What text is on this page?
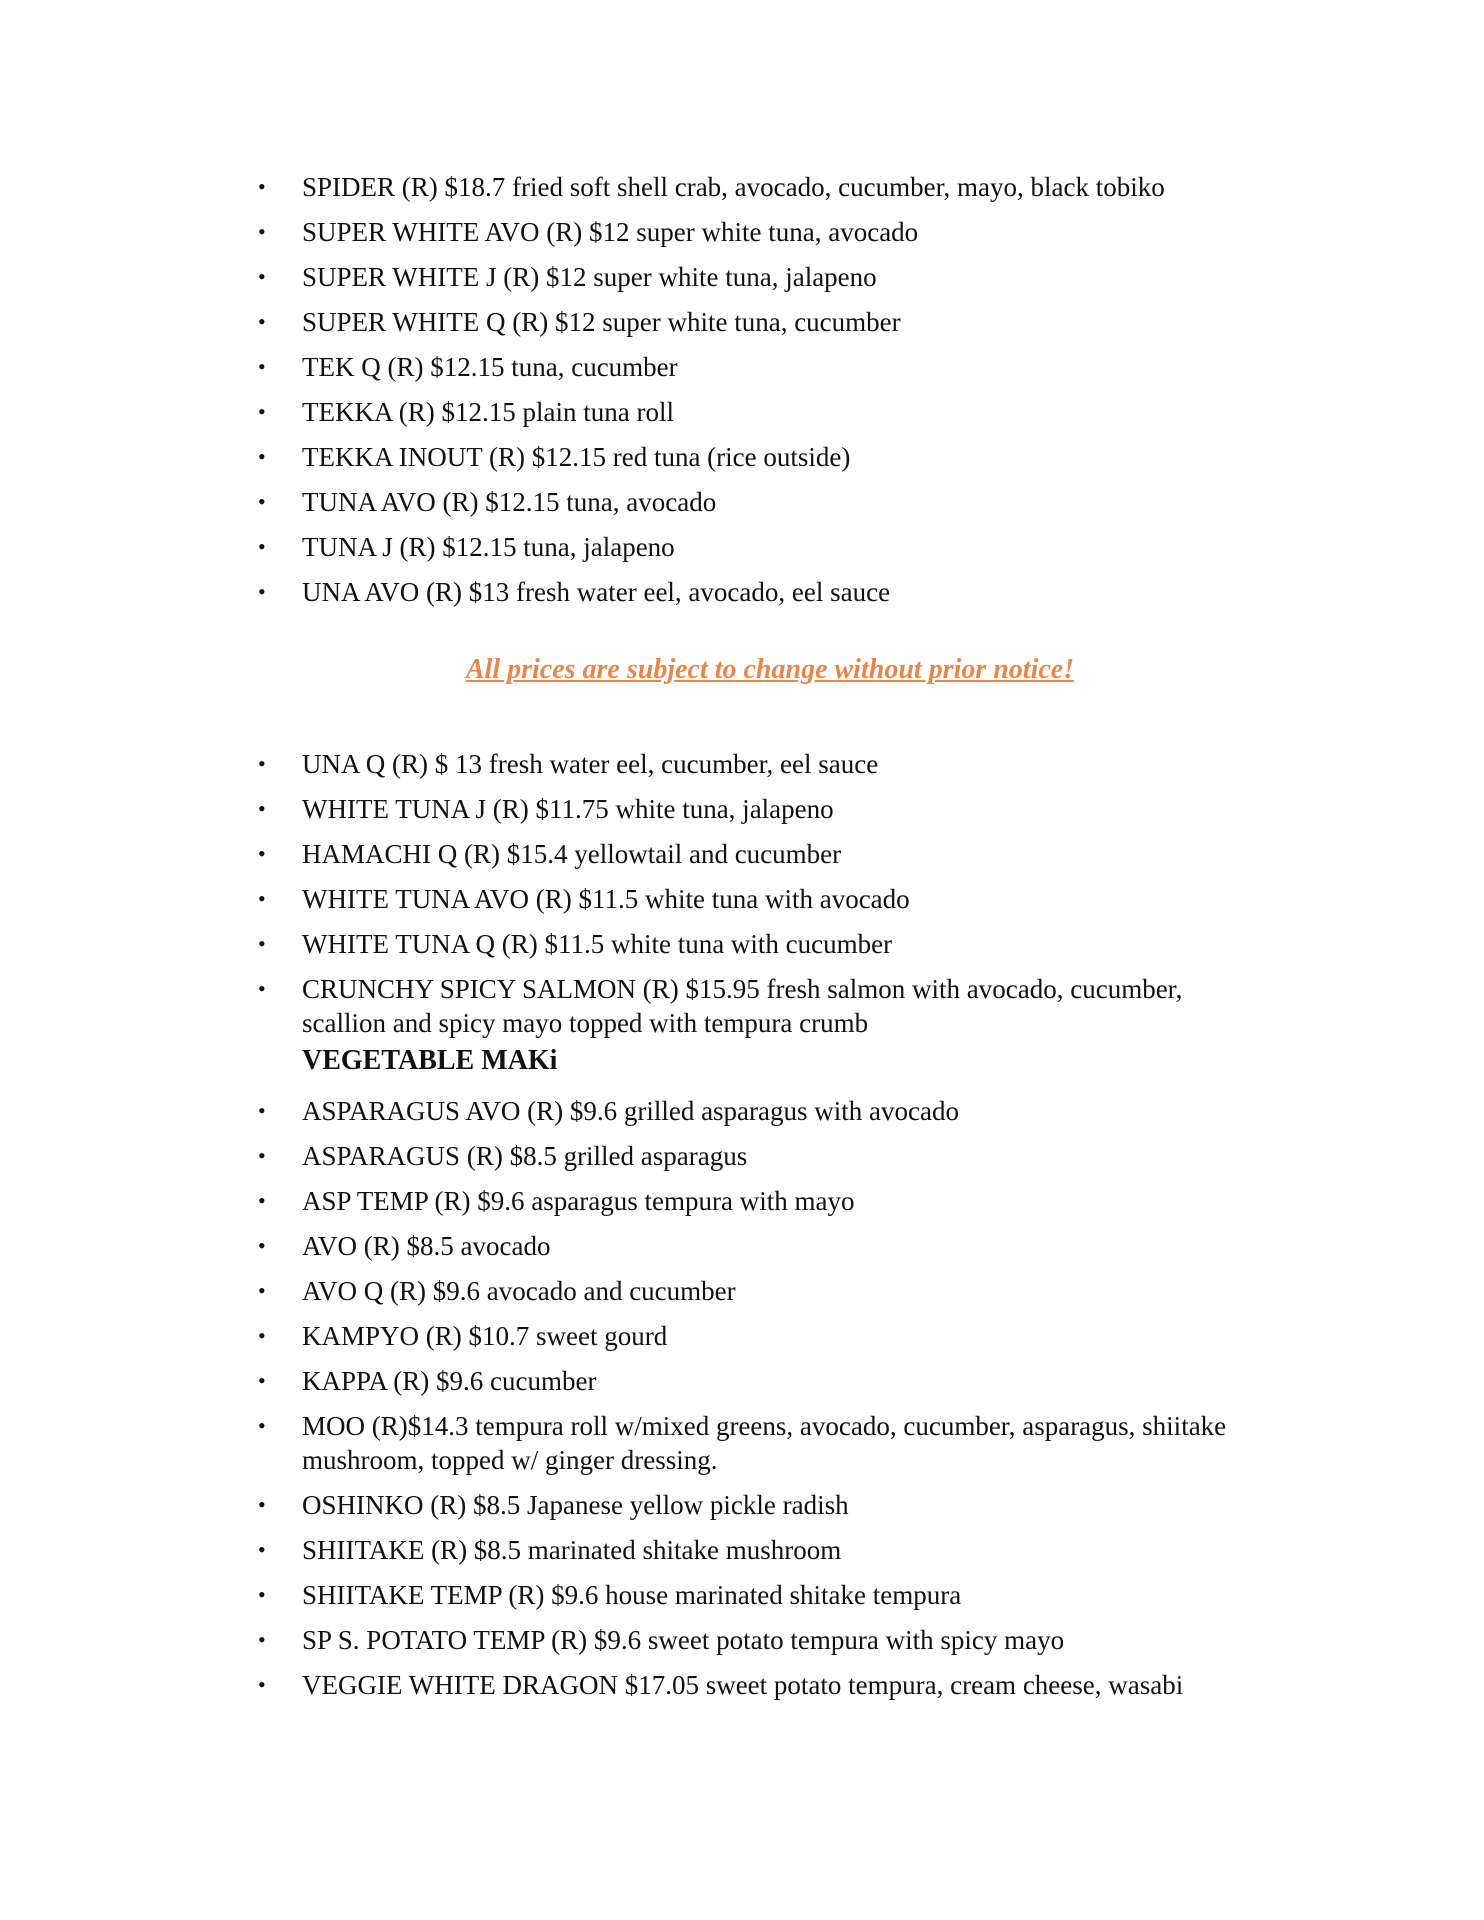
• SPIDER (R) $18.7 fried soft shell crab, avocado, cucumber, mayo, black tobiko
• SUPER WHITE AVO (R) $12 super white tuna, avocado
• SUPER WHITE J (R) $12 super white tuna, jalapeno
• SUPER WHITE Q (R) $12 super white tuna, cucumber
• TEK Q (R) $12.15 tuna, cucumber
• TEKKA (R) $12.15 plain tuna roll
• TEKKA INOUT (R) $12.15 red tuna (rice outside)
• TUNA AVO (R) $12.15 tuna, avocado
• TUNA J (R) $12.15 tuna, jalapeno
• UNA AVO (R) $13 fresh water eel, avocado, eel sauce
All prices are subject to change without prior notice!
• UNA Q (R) $ 13 fresh water eel, cucumber, eel sauce
• WHITE TUNA J (R) $11.75 white tuna, jalapeno
• HAMACHI Q (R) $15.4 yellowtail and cucumber
• WHITE TUNA AVO (R) $11.5 white tuna with avocado
• WHITE TUNA Q (R) $11.5 white tuna with cucumber
• CRUNCHY SPICY SALMON (R) $15.95 fresh salmon with avocado, cucumber, scallion and spicy mayo topped with tempura crumb
VEGETABLE MAKi
• ASPARAGUS AVO (R) $9.6 grilled asparagus with avocado
• ASPARAGUS (R) $8.5 grilled asparagus
• ASP TEMP (R) $9.6 asparagus tempura with mayo
• AVO (R) $8.5 avocado
• AVO Q (R) $9.6 avocado and cucumber
• KAMPYO (R) $10.7 sweet gourd
• KAPPA (R) $9.6 cucumber
• MOO (R)$14.3 tempura roll w/mixed greens, avocado, cucumber, asparagus, shiitake mushroom, topped w/ ginger dressing.
• OSHINKO (R) $8.5 Japanese yellow pickle radish
• SHIITAKE (R) $8.5 marinated shitake mushroom
• SHIITAKE TEMP (R) $9.6 house marinated shitake tempura
• SP S. POTATO TEMP (R) $9.6 sweet potato tempura with spicy mayo
• VEGGIE WHITE DRAGON $17.05 sweet potato tempura, cream cheese, wasabi
